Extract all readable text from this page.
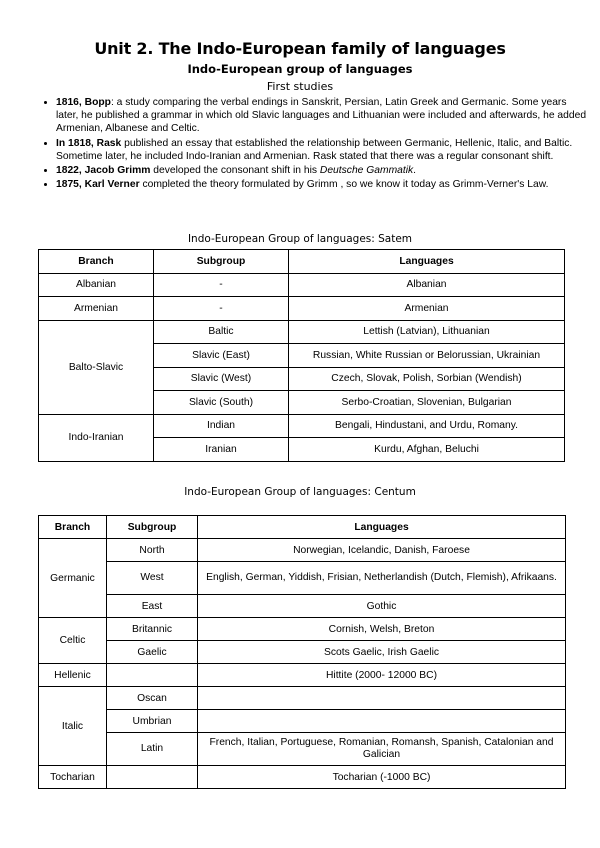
Unit 2. The Indo-European family of languages
Indo-European group of languages
First studies
• 1816, Bopp: a study comparing the verbal endings in Sanskrit, Persian, Latin Greek and Germanic. Some years later, he published a grammar in which old Slavic languages and Lithuanian were included and afterwards, he added Armenian, Albanese and Celtic.
• In 1818, Rask published an essay that established the relationship between Germanic, Hellenic, Italic, and Baltic. Sometime later, he included Indo-Iranian and Armenian. Rask stated that there was a regular consonant shift.
• 1822, Jacob Grimm developed the consonant shift in his Deutsche Gammatik.
• 1875, Karl Verner completed the theory formulated by Grimm , so we know it today as Grimm-Verner's Law.
Indo-European Group of languages: Satem
Branch	Subgroup	Languages
Albanian	-	Albanian
Armenian	-	Armenian
Balto-Slavic	Baltic	Lettish (Latvian), Lithuanian
	Slavic (East)	Russian, White Russian or Belorussian, Ukrainian
	Slavic (West)	Czech, Slovak, Polish, Sorbian (Wendish)
	Slavic (South)	Serbo-Croatian, Slovenian, Bulgarian
Indo-Iranian	Indian	Bengali, Hindustani, and Urdu, Romany.
	Iranian	Kurdu, Afghan, Beluchi
Indo-European Group of languages: Centum
Branch	Subgroup	Languages
Germanic	North	Norwegian, Icelandic, Danish, Faroese
	West	English, German, Yiddish, Frisian, Netherlandish (Dutch, Flemish), Afrikaans.
	East	Gothic
Celtic	Britannic	Cornish, Welsh, Breton
	Gaelic	Scots Gaelic, Irish Gaelic
Hellenic		Hittite (2000- 12000 BC)
Italic	Oscan	
	Umbrian	
	Latin	French, Italian, Portuguese, Romanian, Romansh, Spanish, Catalonian and Galician
Tocharian		Tocharian (-1000 BC)
